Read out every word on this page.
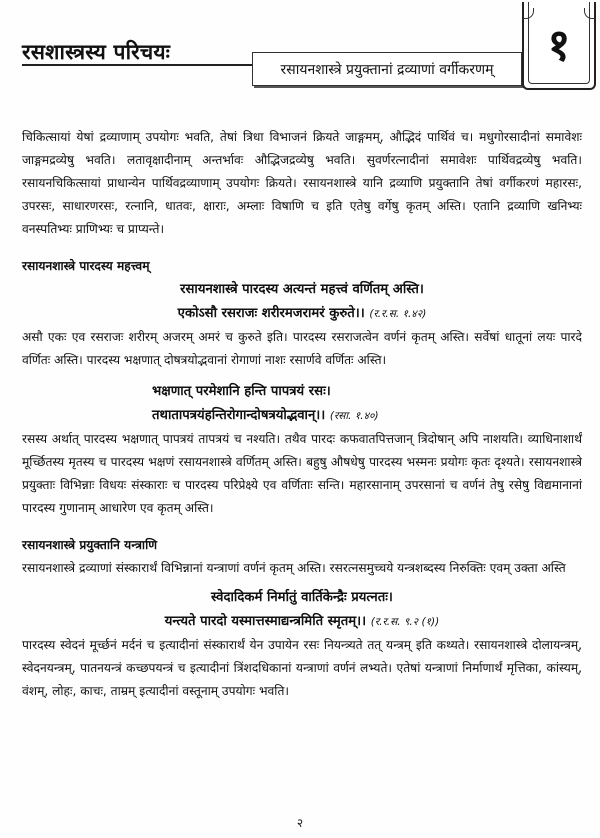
रसशास्त्रस्य परिचयः
रसायनशास्त्रे प्रयुक्तानां द्रव्याणां वर्गीकरणम्	१

चिकित्सायां येषां द्रव्याणाम् उपयोगः भवति, तेषां त्रिधा विभाजनं क्रियते जाङ्गमम्, औद्भिदं पार्थिवं च। मधुगोरसादीनां समावेशः जाङ्गमद्रव्येषु भवति। लतावृक्षादीनाम् अन्तर्भावः औद्भिजद्रव्येषु भवति। सुवर्णरत्नादीनां समावेशः पार्थिवद्रव्येषु भवति। रसायनचिकित्सायां प्राधान्येन पार्थिवद्रव्याणाम् उपयोगः क्रियते। रसायनशास्त्रे यानि द्रव्याणि प्रयुक्तानि तेषां वर्गीकरणं महारसः, उपरसः, साधारणरसः, रत्नानि, धातवः, क्षाराः, अम्लाः विषाणि च इति एतेषु वर्गेषु कृतम् अस्ति। एतानि द्रव्याणि खनिभ्यः वनस्पतिभ्यः प्राणिभ्यः च प्राप्यन्ते।

रसायनशास्त्रे पारदस्य महत्त्वम्

रसायनशास्त्रे पारदस्य अत्यन्तं महत्त्वं वर्णितम् अस्ति।

एकोऽसौ रसराजः शरीरमजरामरं कुरुते।। (र.र.स. १.४२)

असौ एकः एव रसराजः शरीरम् अजरम् अमरं च कुरुते इति। पारदस्य रसराजत्वेन वर्णनं कृतम् अस्ति। सर्वेषां धातूनां लयः पारदे वर्णितः अस्ति। पारदस्य भक्षणात् दोषत्रयोद्भवानां रोगाणां नाशः रसार्णवे वर्णितः अस्ति।

भक्षणात् परमेशानि हन्ति पापत्रयं रसः।

तथातापत्रयंहन्तिरोगान्दोषत्रयोद्भवान्।। (रसा. १.४०)

रसस्य अर्थात् पारदस्य भक्षणात् पापत्रयं तापत्रयं च नश्यति। तथैव पारदः कफवातपित्तजान् त्रिदोषान् अपि नाशयति। व्याधिनाशार्थं मूर्च्छितस्य मृतस्य च पारदस्य भक्षणं रसायनशास्त्रे वर्णितम् अस्ति। बहुषु औषधेषु पारदस्य भस्मनः प्रयोगः कृतः दृश्यते। रसायनशास्त्रे प्रयुक्ताः विभिन्नाः विधयः संस्काराः च पारदस्य परिप्रेक्ष्ये एव वर्णिताः सन्ति। महारसानाम् उपरसानां च वर्णनं तेषु रसेषु विद्यमानानां पारदस्य गुणानाम् आधारेण एव कृतम् अस्ति।

रसायनशास्त्रे प्रयुक्तानि यन्त्राणि

रसायनशास्त्रे द्रव्याणां संस्कारार्थं विभिन्नानां यन्त्राणां वर्णनं कृतम् अस्ति। रसरत्नसमुच्चये यन्त्रशब्दस्य निरुक्तिः एवम् उक्ता अस्ति

स्वेदादिकर्म निर्मातुं वार्तिकेन्द्रैः प्रयत्नतः।

यन्त्यते पारदो यस्मात्तस्माद्यन्त्रमिति स्मृतम्।। (र.र.स. ९.२ (१))

पारदस्य स्वेदनं मूर्च्छनं मर्दनं च इत्यादीनां संस्कारार्थं येन उपायेन रसः नियन्त्र्यते तत् यन्त्रम् इति कथ्यते। रसायनशास्त्रे दोलायन्त्रम्, स्वेदनयन्त्रम्, पातनयन्त्रं कच्छपयन्त्रं च इत्यादीनां त्रिंशदधिकानां यन्त्राणां वर्णनं लभ्यते। एतेषां यन्त्राणां निर्माणार्थं मृत्तिका, कांस्यम्, वंशम्, लोहः, काचः, ताम्रम् इत्यादीनां वस्तूनाम् उपयोगः भवति।

२
